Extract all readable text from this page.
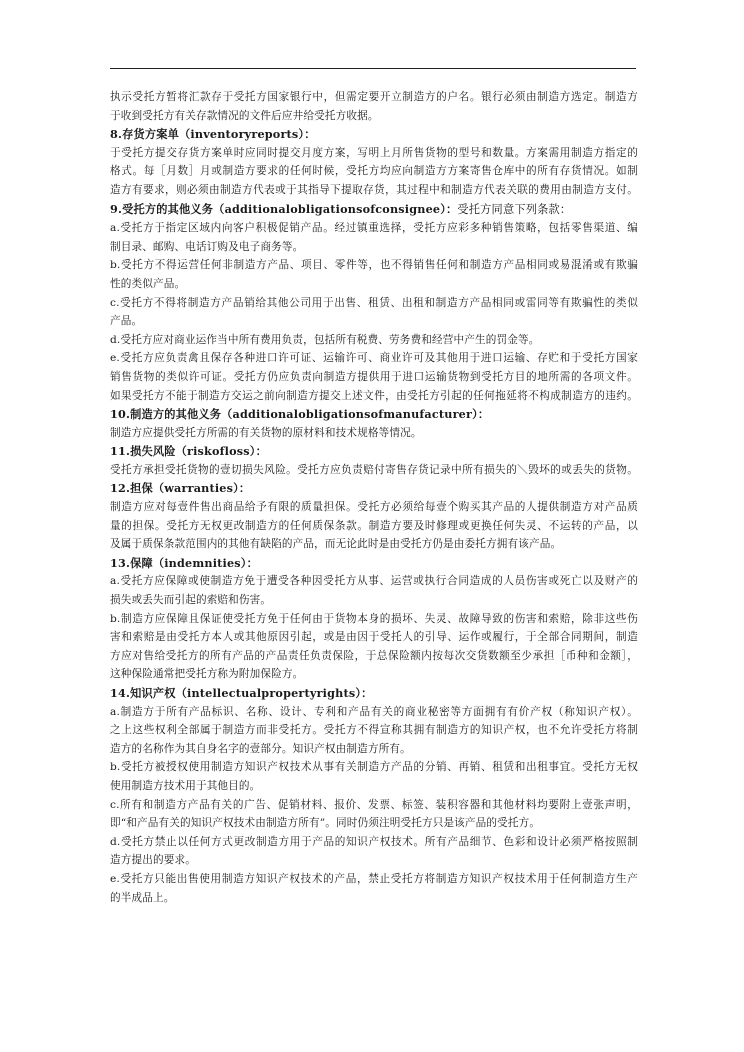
执示受托方暂将汇款存于受托方国家银行中，但需定要开立制造方的户名。银行必须由制造方选定。制造方
于收到受托方有关存款情况的文件后应井给受托方收据。
8.存货方案单（inventoryreports）：
于受托方提交存货方案单时应同时提交月度方案，写明上月所售货物的型号和数量。方案需用制造方指定的
格式。每［月数］月或制造方要求的任何时候，受托方均应向制造方方案寄售仓库中的所有存货情况。如制
造方有要求，则必须由制造方代表或于其指导下提取存货，其过程中和制造方代表关联的费用由制造方支付。
9.受托方的其他义务（additionalobligationsofconsignee）：受托方同意下列条款：
a.受托方于指定区域内向客户积极促销产品。经过镇重选择，受托方应彩多种销售策略，包括零售渠道、编
制目录、邮购、电话订购及电子商务等。
b.受托方不得运营任何非制造方产品、项目、零件等，也不得销售任何和制造方产品相同或易混淆或有欺骗
性的类似产品。
c.受托方不得将制造方产品销给其他公司用于出售、租赁、出租和制造方产品相同或雷同等有欺骗性的类似
产品。
d.受托方应对商业运作当中所有费用负责，包括所有税费、劳务费和经营中产生的罚金等。
e.受托方应负责禽且保存各种进口许可证、运输许可、商业许可及其他用于进口运输、存贮和于受托方国家
销售货物的类似许可证。受托方仍应负责向制造方提供用于进口运输货物到受托方目的地所需的各项文件。
如果受托方不能于制造方交运之前向制造方提交上述文件，由受托方引起的任何拖延将不构成制造方的违约。
10.制造方的其他义务（additionalobligationsofmanufacturer）：
制造方应提供受托方所需的有关货物的原材料和技术规格等情况。
11.损失风险（riskofloss）：
受托方承担受托货物的壹切损失风险。受托方应负责赔付寄售存货记录中所有损失的＼毁坏的或丢失的货物。
12.担保（warranties）：
制造方应对每壹件售出商品给予有限的质量担保。受托方必须给每壹个购买其产品的人提供制造方对产品质
量的担保。受托方无权更改制造方的任何质保条款。制造方要及时修理或更换任何失灵、不运转的产品，以
及属于质保条款范围内的其他有缺陷的产品，而无论此时是由受托方仍是由委托方拥有该产品。
13.保障（indemnities）：
a.受托方应保障或使制造方免于遭受各种因受托方从事、运营或执行合同造成的人员伤害或死亡以及财产的
损失或丢失而引起的索赔和伤害。
b.制造方应保障且保证使受托方免于任何由于货物本身的损坏、失灵、故障导致的伤害和索赔，除非这些伤
害和索赔是由受托方本人或其他原因引起，或是由因于受托人的引导、运作或履行，于全部合同期间，制造
方应对售给受托方的所有产品的产品责任负责保险，于总保险额内按每次交货数额至少承担［币种和金额］，
这种保险通常把受托方称为附加保险方。
14.知识产权（intellectualpropertyrights）：
a.制造方于所有产品标识、名称、设计、专利和产品有关的商业秘密等方面拥有有价产权（称知识产权）。
之上这些权利全部属于制造方而非受托方。受托方不得宣称其拥有制造方的知识产权，也不允许受托方将制
造方的名称作为其自身名字的壹部分。知识产权由制造方所有。
b.受托方被授权使用制造方知识产权技术从事有关制造方产品的分销、再销、租赁和出租事宜。受托方无权
使用制造方技术用于其他目的。
c.所有和制造方产品有关的广告、促销材料、报价、发票、标签、装积容器和其他材料均要附上壹张声明，
即“和产品有关的知识产权技术由制造方所有”。同时仍须注明受托方只是该产品的受托方。
d.受托方禁止以任何方式更改制造方用于产品的知识产权技术。所有产品细节、色彩和设计必须严格按照制
造方提出的要求。
e.受托方只能出售使用制造方知识产权技术的产品，禁止受托方将制造方知识产权技术用于任何制造方生产
的半成品上。
